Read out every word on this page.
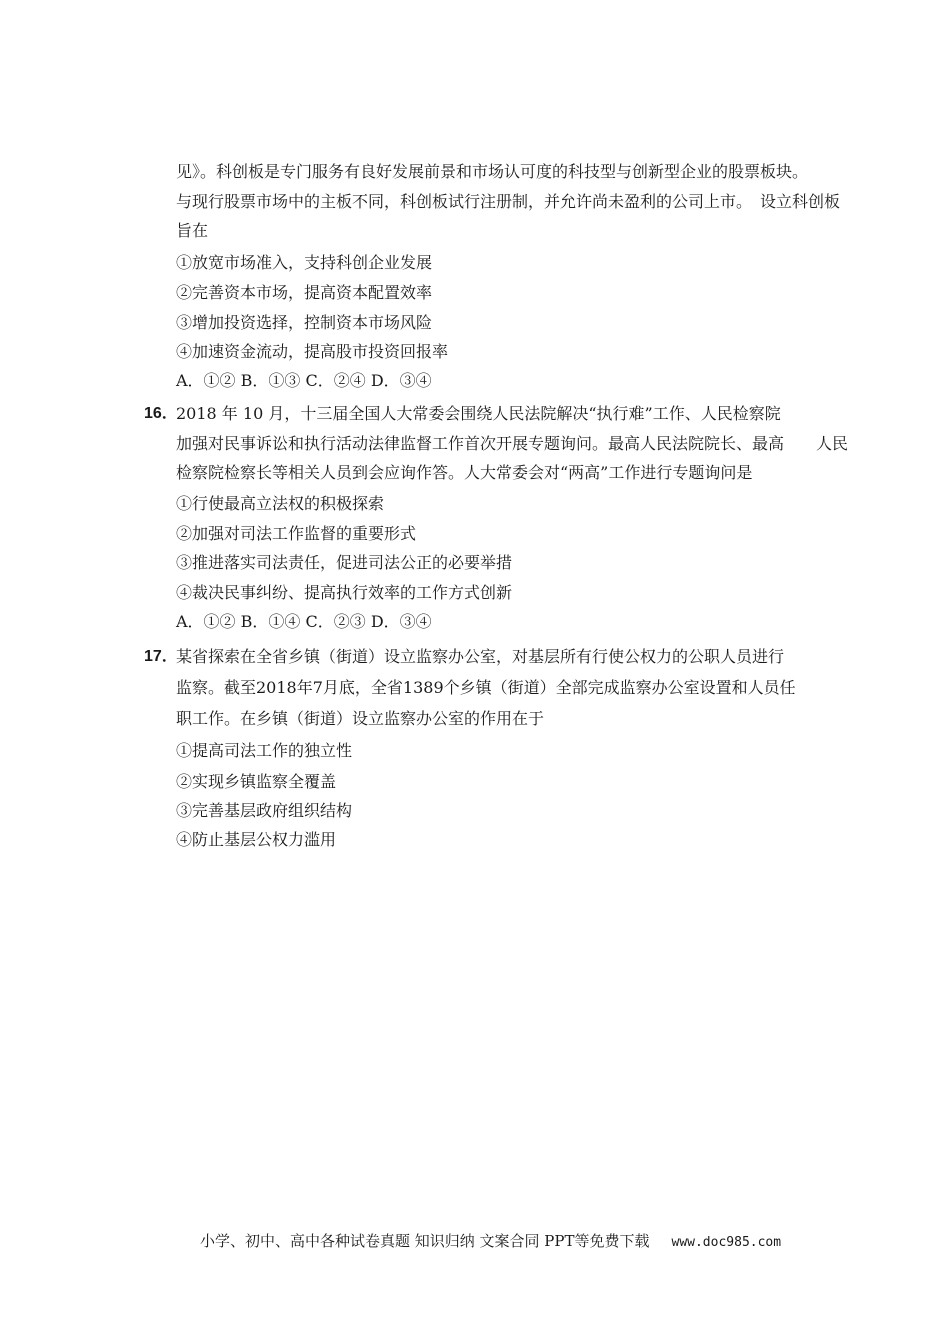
见》。科创板是专门服务有良好发展前景和市场认可度的科技型与创新型企业的股票板块。
与现行股票市场中的主板不同，科创板试行注册制，并允许尚未盈利的公司上市。　设立科创板
旨在
①放宽市场准入，支持科创企业发展
②完善资本市场，提高资本配置效率
③增加投资选择，控制资本市场风险
④加速资金流动，提高股市投资回报率
A．①② B．①③ C．②④ D．③④
16．
2018 年 10 月，十三届全国人大常委会围绕人民法院解决“执行难”工作、人民检察院
加强对民事诉讼和执行活动法律监督工作首次开展专题询问。最高人民法院院长、最高　　人民
检察院检察长等相关人员到会应询作答。人大常委会对“两高”工作进行专题询问是
①行使最高立法权的积极探索
②加强对司法工作监督的重要形式
③推进落实司法责任，促进司法公正的必要举措
④裁决民事纠纷、提高执行效率的工作方式创新
A．①② B．①④ C．②③ D．③④
17．
某省探索在全省乡镇（街道）设立监察办公室，对基层所有行使公权力的公职人员进行
监察。截至2018年7月底，全省1389个乡镇（街道）全部完成监察办公室设置和人员任
职工作。在乡镇（街道）设立监察办公室的作用在于
①提高司法工作的独立性
②实现乡镇监察全覆盖
③完善基层政府组织结构
④防止基层公权力滥用
小学、初中、高中各种试卷真题 知识归纳 文案合同 PPT等免费下载 www.doc985.com
